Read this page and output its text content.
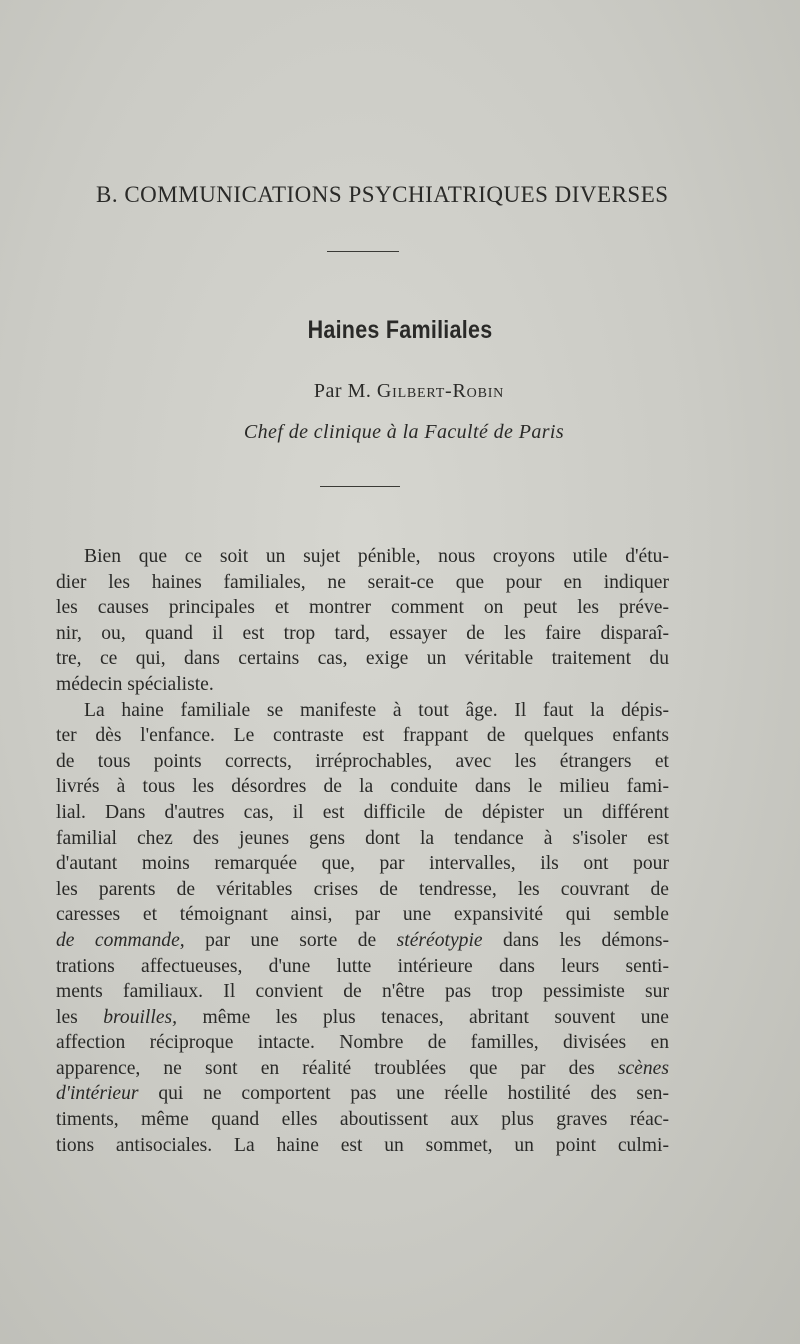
B. COMMUNICATIONS PSYCHIATRIQUES DIVERSES
Haines Familiales
Par M. Gilbert-Robin
Chef de clinique à la Faculté de Paris
Bien que ce soit un sujet pénible, nous croyons utile d'étu-
dier les haines familiales, ne serait-ce que pour en indiquer
les causes principales et montrer comment on peut les préve-
nir, ou, quand il est trop tard, essayer de les faire disparaî-
tre, ce qui, dans certains cas, exige un véritable traitement du
médecin spécialiste.
La haine familiale se manifeste à tout âge. Il faut la dépis-
ter dès l'enfance. Le contraste est frappant de quelques enfants
de tous points corrects, irréprochables, avec les étrangers et
livrés à tous les désordres de la conduite dans le milieu fami-
lial. Dans d'autres cas, il est difficile de dépister un différent
familial chez des jeunes gens dont la tendance à s'isoler est
d'autant moins remarquée que, par intervalles, ils ont pour
les parents de véritables crises de tendresse, les couvrant de
caresses et témoignant ainsi, par une expansivité qui semble
de commande, par une sorte de stéréotypie dans les démons-
trations affectueuses, d'une lutte intérieure dans leurs senti-
ments familiaux. Il convient de n'être pas trop pessimiste sur
les brouilles, même les plus tenaces, abritant souvent une
affection réciproque intacte. Nombre de familles, divisées en
apparence, ne sont en réalité troublées que par des scènes
d'intérieur qui ne comportent pas une réelle hostilité des sen-
timents, même quand elles aboutissent aux plus graves réac-
tions antisociales. La haine est un sommet, un point culmi-
